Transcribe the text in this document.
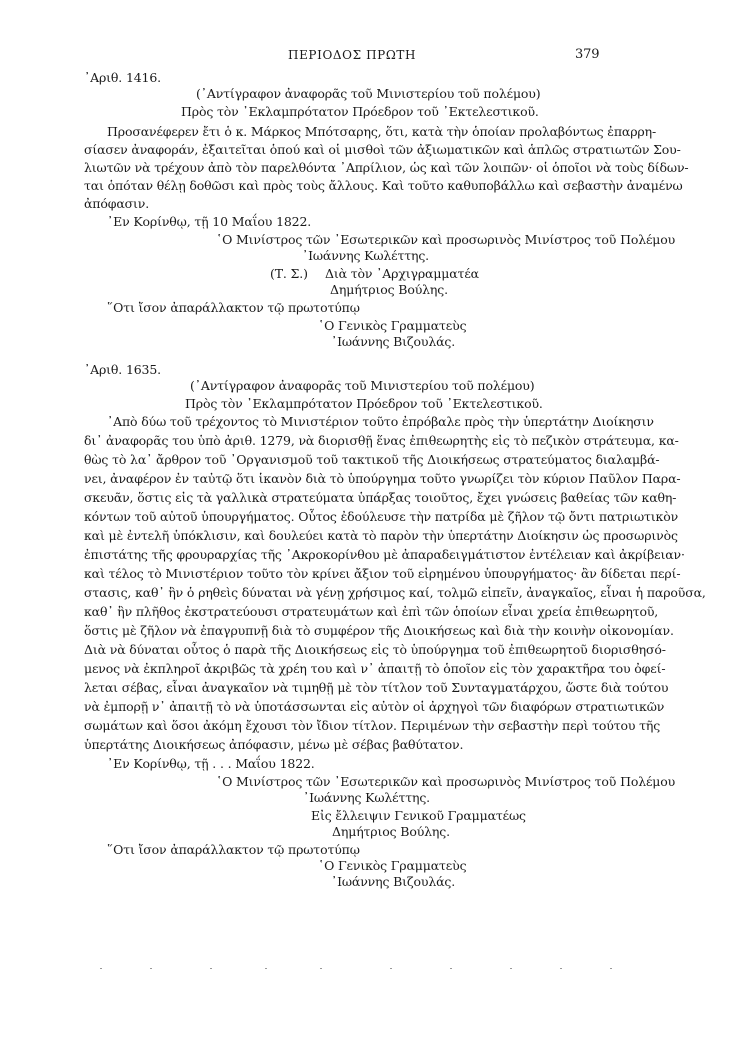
ΠΕΡΙΟΔΟΣ ΠΡΩΤΗ	379
᾿Αριθ. 1416.
(᾿Αντίγραφον ἀναφορᾶς τοῦ Μινιστερίου τοῦ πολέμου)
Πρὸς τὸν ᾿Εκλαμπρότατον Πρόεδρον τοῦ ᾿Εκτελεστικοῦ.
Προσανέφερεν ἔτι ὁ κ. Μάρκος Μπότσαρης, ὅτι, κατὰ τὴν ὁποίαν προλαβόντως ἐπαρρη-
σίασεν ἀναφοράν, ἐξαιτεῖται ὁπού καὶ οἱ μισθοὶ τῶν ἀξιωματικῶν καὶ ἁπλῶς στρατιωτῶν Σου-
λιωτῶν νὰ τρέχουν ἀπὸ τὸν παρελθόντα ᾿Απρίλιον, ὡς καὶ τῶν λοιπῶν· οἱ ὁποῖοι νὰ τοὺς δίδων-
ται ὁπόταν θέλῃ δοθῶσι καὶ πρὸς τοὺς ἄλλους. Καὶ τοῦτο καθυποβάλλω καὶ σεβαστὴν ἀναμένω
ἀπόφασιν.
᾿Εν Κορίνθῳ, τῇ 10 Μαΐου 1822.
῾Ο Μινίστρος τῶν ᾿Εσωτερικῶν καὶ προσωρινὸς Μινίστρος τοῦ Πολέμου
᾿Ιωάννης Κωλέττης.
(Τ. Σ.) Διὰ τὸν ᾿Αρχιγραμματέα
Δημήτριος Βούλης.
῞Οτι ἴσον ἀπαράλλακτον τῷ πρωτοτύπῳ
῾Ο Γενικὸς Γραμματεὺς
᾿Ιωάννης Βιζουλάς.
᾿Αριθ. 1635.
(᾿Αντίγραφον ἀναφορᾶς τοῦ Μινιστερίου τοῦ πολέμου)
Πρὸς τὸν ᾿Εκλαμπρότατον Πρόεδρον τοῦ ᾿Εκτελεστικοῦ.
᾿Απὸ δύω τοῦ τρέχοντος τὸ Μινιστέριον τοῦτο ἐπρόβαλε πρὸς τὴν ὑπερτάτην Διοίκησιν
δι᾿ ἀναφορᾶς του ὑπὸ ἀριθ. 1279, νὰ διορισθῇ ἕνας ἐπιθεωρητὴς εἰς τὸ πεζικὸν στράτευμα, κα-
θὼς τὸ λα᾿ ἄρθρον τοῦ ᾿Οργανισμοῦ τοῦ τακτικοῦ τῆς Διοικήσεως στρατεύματος διαλαμβά-
νει, ἀναφέρον ἐν ταὐτῷ ὅτι ἱκανὸν διὰ τὸ ὑπούργημα τοῦτο γνωρίζει τὸν κύριον Παῦλον Παρα-
σκευᾶν, ὅστις εἰς τὰ γαλλικὰ στρατεύματα ὑπάρξας τοιοῦτος, ἔχει γνώσεις βαθείας τῶν καθη-
κόντων τοῦ αὐτοῦ ὑπουργήματος. Οὗτος ἐδούλευσε τὴν πατρίδα μὲ ζῆλον τῷ ὄντι πατριωτικὸν
καὶ μὲ ἐντελῆ ὑπόκλισιν, καὶ δουλεύει κατὰ τὸ παρὸν τὴν ὑπερτάτην Διοίκησιν ὡς προσωρινὸς
ἐπιστάτης τῆς φρουραρχίας τῆς ᾿Ακροκορίνθου μὲ ἀπαραδειγμάτιστον ἐντέλειαν καὶ ἀκρίβειαν·
καὶ τέλος τὸ Μινιστέριον τοῦτο τὸν κρίνει ἄξιον τοῦ εἰρημένου ὑπουργήματος· ἂν δίδεται περί-
στασις, καθ᾿ ἣν ὁ ρηθεὶς δύναται νὰ γένῃ χρήσιμος καί, τολμῶ εἰπεῖν, ἀναγκαῖος, εἶναι ἡ παροῦσα,
καθ᾿ ἣν πλῆθος ἐκστρατεύουσι στρατευμάτων καὶ ἐπὶ τῶν ὁποίων εἶναι χρεία ἐπιθεωρητοῦ,
ὅστις μὲ ζῆλον νὰ ἐπαγρυπνῇ διὰ τὸ συμφέρον τῆς Διοικήσεως καὶ διὰ τὴν κοινὴν οἰκονομίαν.
Διὰ νὰ δύναται οὗτος ὁ παρὰ τῆς Διοικήσεως εἰς τὸ ὑπούργημα τοῦ ἐπιθεωρητοῦ διορισθησό-
μενος νὰ ἐκπληροῖ ἀκριβῶς τὰ χρέη του καὶ ν᾿ ἀπαιτῇ τὸ ὁποῖον εἰς τὸν χαρακτῆρα του ὀφεί-
λεται σέβας, εἶναι ἀναγκαῖον νὰ τιμηθῇ μὲ τὸν τίτλον τοῦ Συνταγματάρχου, ὥστε διὰ τούτου
νὰ ἐμπορῇ ν᾿ ἀπαιτῇ τὸ νὰ ὑποτάσσωνται εἰς αὐτὸν οἱ ἀρχηγοὶ τῶν διαφόρων στρατιωτικῶν
σωμάτων καὶ ὅσοι ἀκόμη ἔχουσι τὸν ἴδιον τίτλον. Περιμένων τὴν σεβαστὴν περὶ τούτου τῆς
ὑπερτάτης Διοικήσεως ἀπόφασιν, μένω μὲ σέβας βαθύτατον.
᾿Εν Κορίνθῳ, τῇ . . . Μαΐου 1822.
῾Ο Μινίστρος τῶν ᾿Εσωτερικῶν καὶ προσωρινὸς Μινίστρος τοῦ Πολέμου
᾿Ιωάννης Κωλέττης.
Εἰς ἔλλειψιν Γενικοῦ Γραμματέως
Δημήτριος Βούλης.
῞Οτι ἴσον ἀπαράλλακτον τῷ πρωτοτύπῳ
῾Ο Γενικὸς Γραμματεὺς
᾿Ιωάννης Βιζουλάς.
